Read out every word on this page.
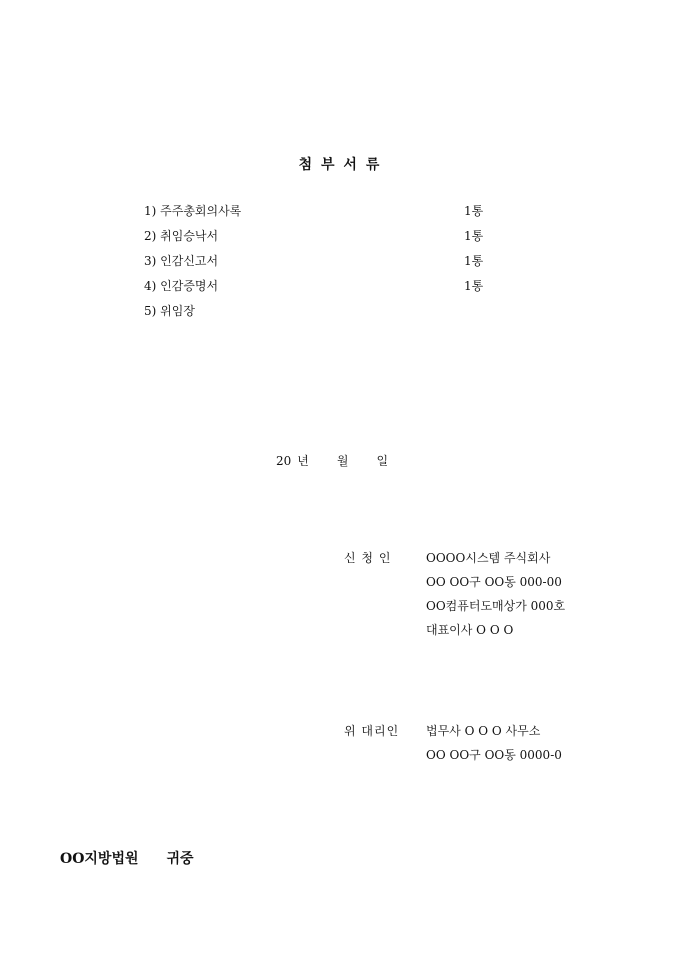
첨 부 서 류
1) 주주총회의사록	1통
2) 취임승낙서	1통
3) 인감신고서	1통
4) 인감증명서	1통
5) 위임장
20 년 월 일
신 청 인	OOOO시스템 주식회사
OO OO구 OO동 000-00
OO컴퓨터도매상가 000호
대표이사 O O O
위 대리인 법무사 O O O 사무소
OO OO구 OO동 0000-0
OO지방법원 귀중
